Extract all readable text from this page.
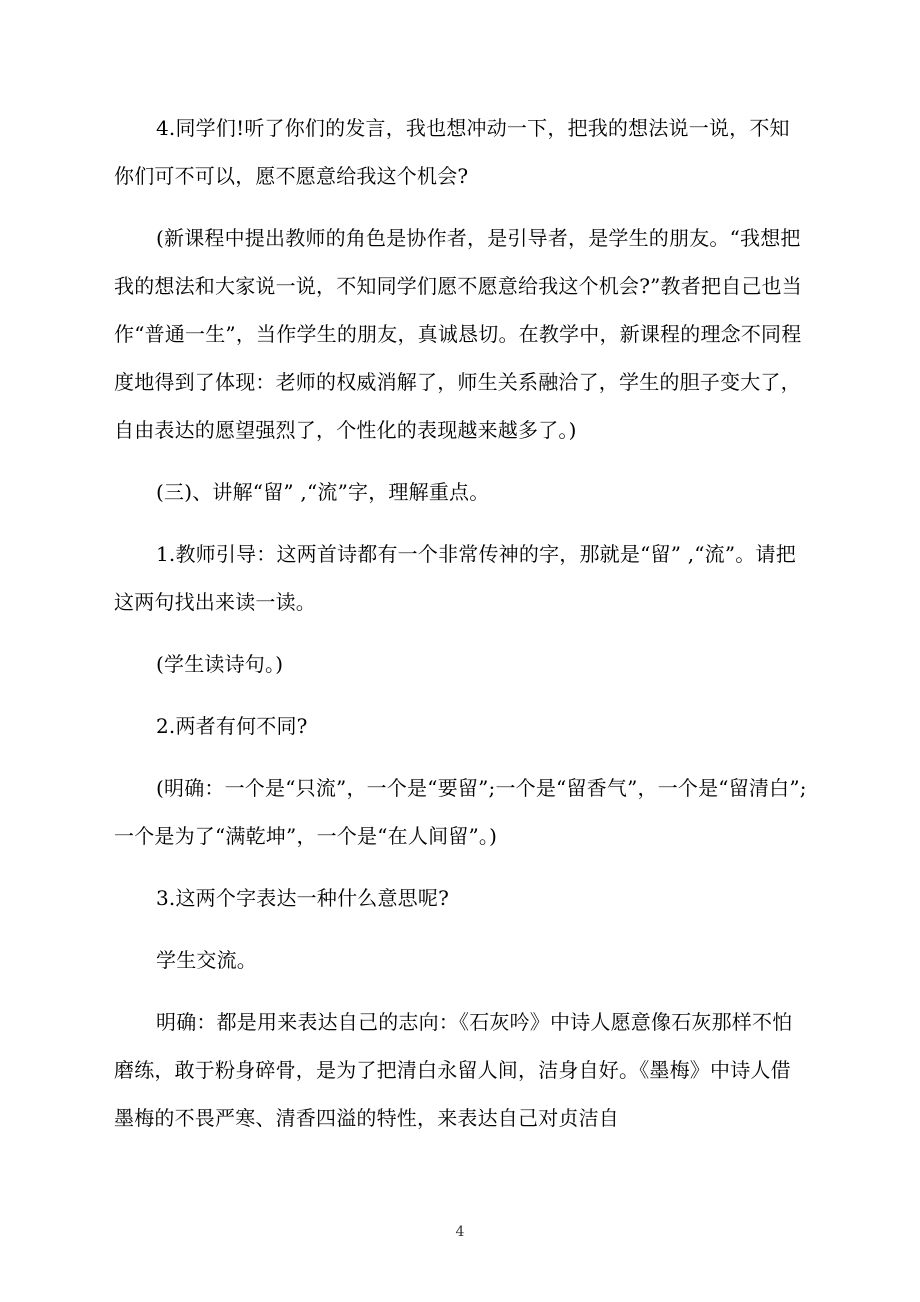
4.同学们!听了你们的发言，我也想冲动一下，把我的想法说一说，不知你们可不可以，愿不愿意给我这个机会?

(新课程中提出教师的角色是协作者，是引导者，是学生的朋友。“我想把我的想法和大家说一说，不知同学们愿不愿意给我这个机会?”教者把自己也当作“普通一生”，当作学生的朋友，真诚恳切。在教学中，新课程的理念不同程度地得到了体现：老师的权威消解了，师生关系融洽了，学生的胆子变大了，自由表达的愿望强烈了，个性化的表现越来越多了。)

(三)、讲解“留” ,“流”字，理解重点。

1.教师引导：这两首诗都有一个非常传神的字，那就是“留” ,“流”。请把这两句找出来读一读。

(学生读诗句。)

2.两者有何不同?

(明确：一个是“只流”，一个是“要留”;一个是“留香气”，一个是“留清白”;一个是为了“满乾坤”，一个是“在人间留”。)

3.这两个字表达一种什么意思呢?

学生交流。

明确：都是用来表达自己的志向：《石灰吟》中诗人愿意像石灰那样不怕磨练，敢于粉身碎骨，是为了把清白永留人间，洁身自好。《墨梅》中诗人借墨梅的不畏严寒、清香四溢的特性，来表达自己对贞洁自

4
